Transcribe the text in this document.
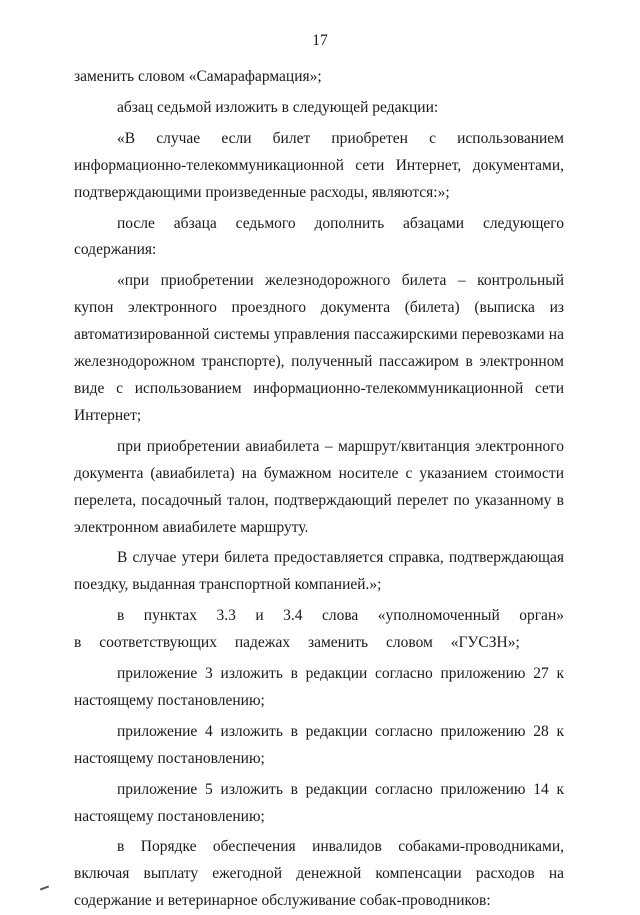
17

заменить словом «Самарафармация»;

абзац седьмой изложить в следующей редакции:

«В случае если билет приобретен с использованием информационно-телекоммуникационной сети Интернет, документами, подтверждающими произведенные расходы, являются:»;

после абзаца седьмого дополнить абзацами следующего содержания:

«при приобретении железнодорожного билета – контрольный купон электронного проездного документа (билета) (выписка из автоматизированной системы управления пассажирскими перевозками на железнодорожном транспорте), полученный пассажиром в электронном виде с использованием информационно-телекоммуникационной сети Интернет;

при приобретении авиабилета – маршрут/квитанция электронного документа (авиабилета) на бумажном носителе с указанием стоимости перелета, посадочный талон, подтверждающий перелет по указанному в электронном авиабилете маршруту.

В случае утери билета предоставляется справка, подтверждающая поездку, выданная транспортной компанией.»;

в пунктах 3.3 и 3.4 слова «уполномоченный орган» в соответствующих падежах заменить словом «ГУСЗН»;

приложение 3 изложить в редакции согласно приложению 27 к настоящему постановлению;

приложение 4 изложить в редакции согласно приложению 28 к настоящему постановлению;

приложение 5 изложить в редакции согласно приложению 14 к настоящему постановлению;

в Порядке обеспечения инвалидов собаками-проводниками, включая выплату ежегодной денежной компенсации расходов на содержание и ветеринарное обслуживание собак-проводников:
